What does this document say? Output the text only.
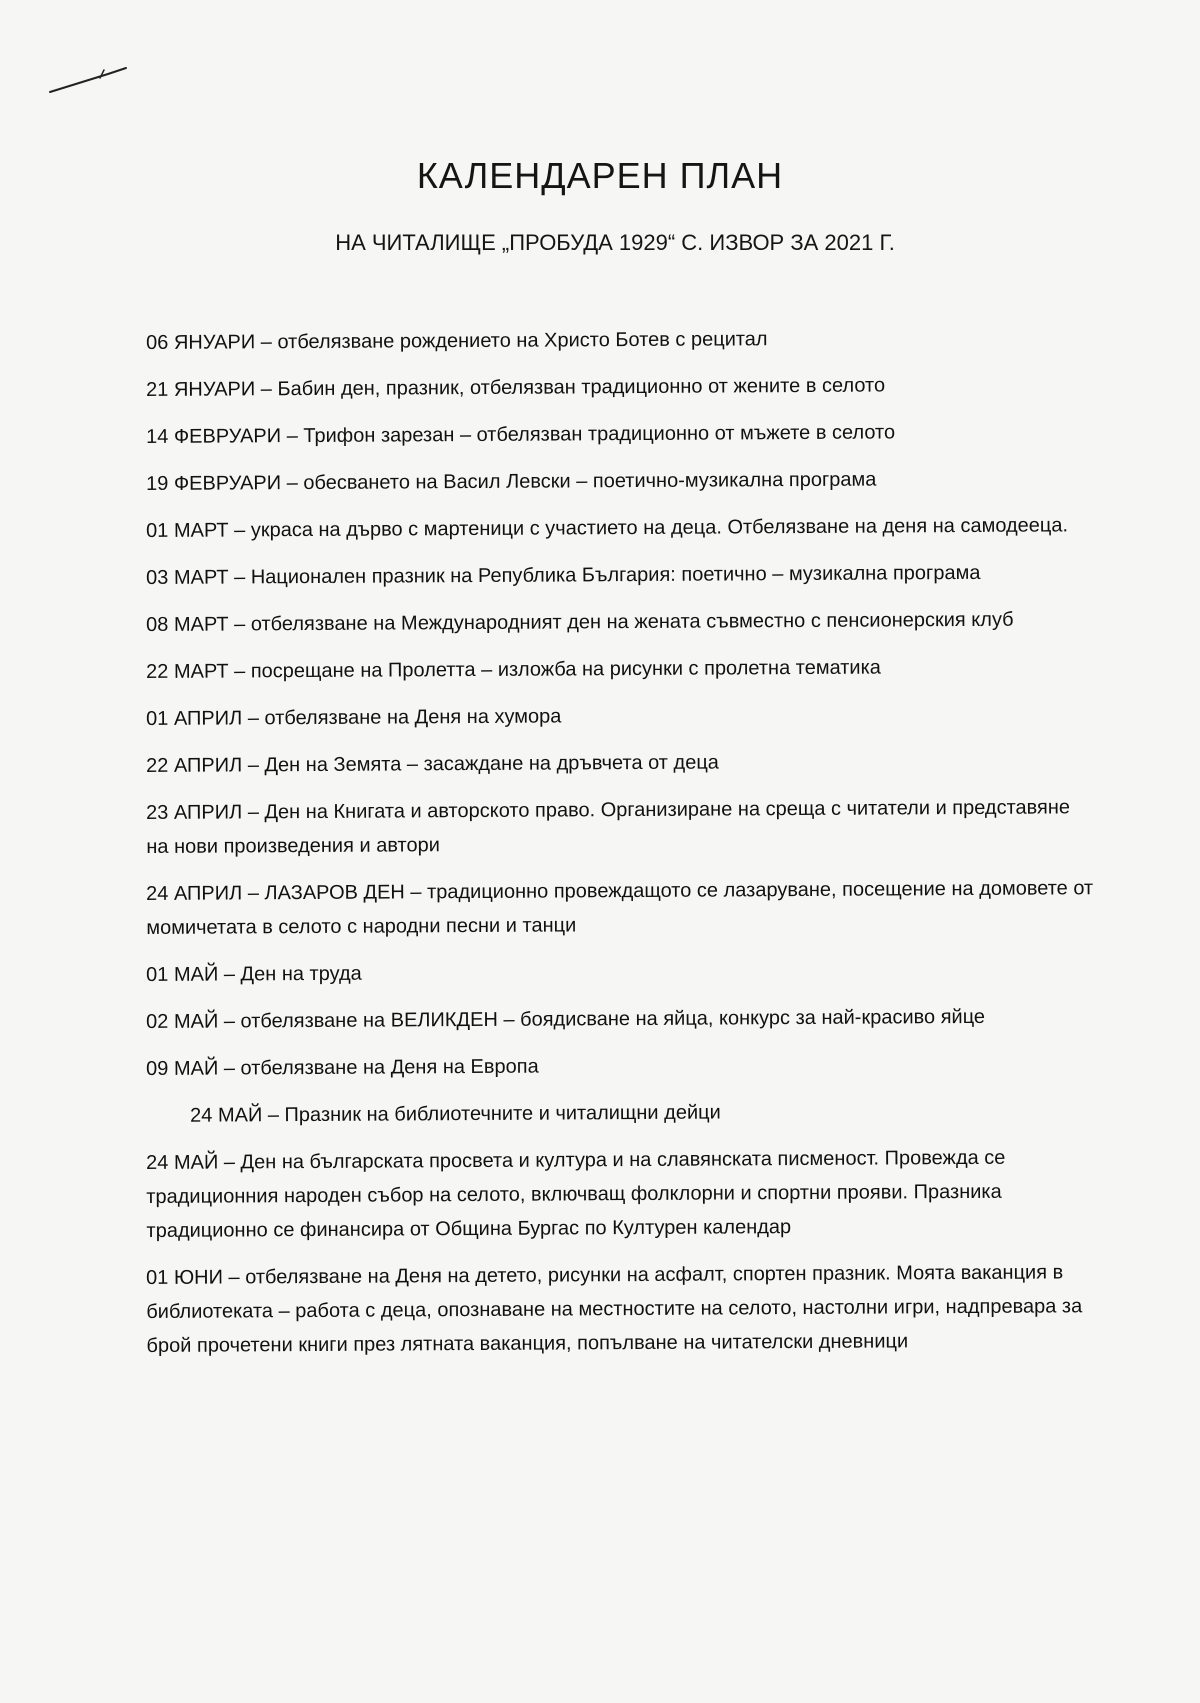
КАЛЕНДАРЕН ПЛАН
НА ЧИТАЛИЩЕ „ПРОБУДА 1929“ С. ИЗВОР ЗА 2021 Г.
06 ЯНУАРИ – отбелязване рождението на Христо Ботев с рецитал
21 ЯНУАРИ – Бабин ден, празник, отбелязван традиционно от жените в селото
14 ФЕВРУАРИ – Трифон зарезан – отбелязван традиционно от мъжете в селото
19 ФЕВРУАРИ – обесването на Васил Левски – поетично-музикална програма
01 МАРТ – украса на дърво с мартеници с участието на деца. Отбелязване на деня на самодееца.
03 МАРТ – Национален празник на Република България: поетично – музикална програма
08 МАРТ – отбелязване на Международният ден на жената съвместно с пенсионерския клуб
22 МАРТ – посрещане на Пролетта – изложба на рисунки с пролетна тематика
01 АПРИЛ – отбелязване на Деня на хумора
22 АПРИЛ – Ден на Земята – засаждане на дръвчета от деца
23 АПРИЛ – Ден на Книгата и авторското право. Организиране на среща с читатели и представяне на нови произведения и автори
24 АПРИЛ – ЛАЗАРОВ ДЕН – традиционно провеждащото се лазаруване, посещение на домовете от момичетата в селото с народни песни и танци
01 МАЙ – Ден на труда
02 МАЙ – отбелязване на ВЕЛИКДЕН – боядисване на яйца, конкурс за най-красиво яйце
09 МАЙ – отбелязване на Деня на Европа
24 МАЙ – Празник на библиотечните и читалищни дейци
24 МАЙ – Ден на българската просвета и култура и на славянската писменост. Провежда се традиционния народен събор на селото, включващ фолклорни и спортни прояви. Празника традиционно се финансира от Община Бургас по Културен календар
01 ЮНИ – отбелязване на Деня на детето, рисунки на асфалт, спортен празник. Моята ваканция в библиотеката – работа с деца, опознаване на местностите на селото, настолни игри, надпревара за брой прочетени книги през лятната ваканция, попълване на читателски дневници
